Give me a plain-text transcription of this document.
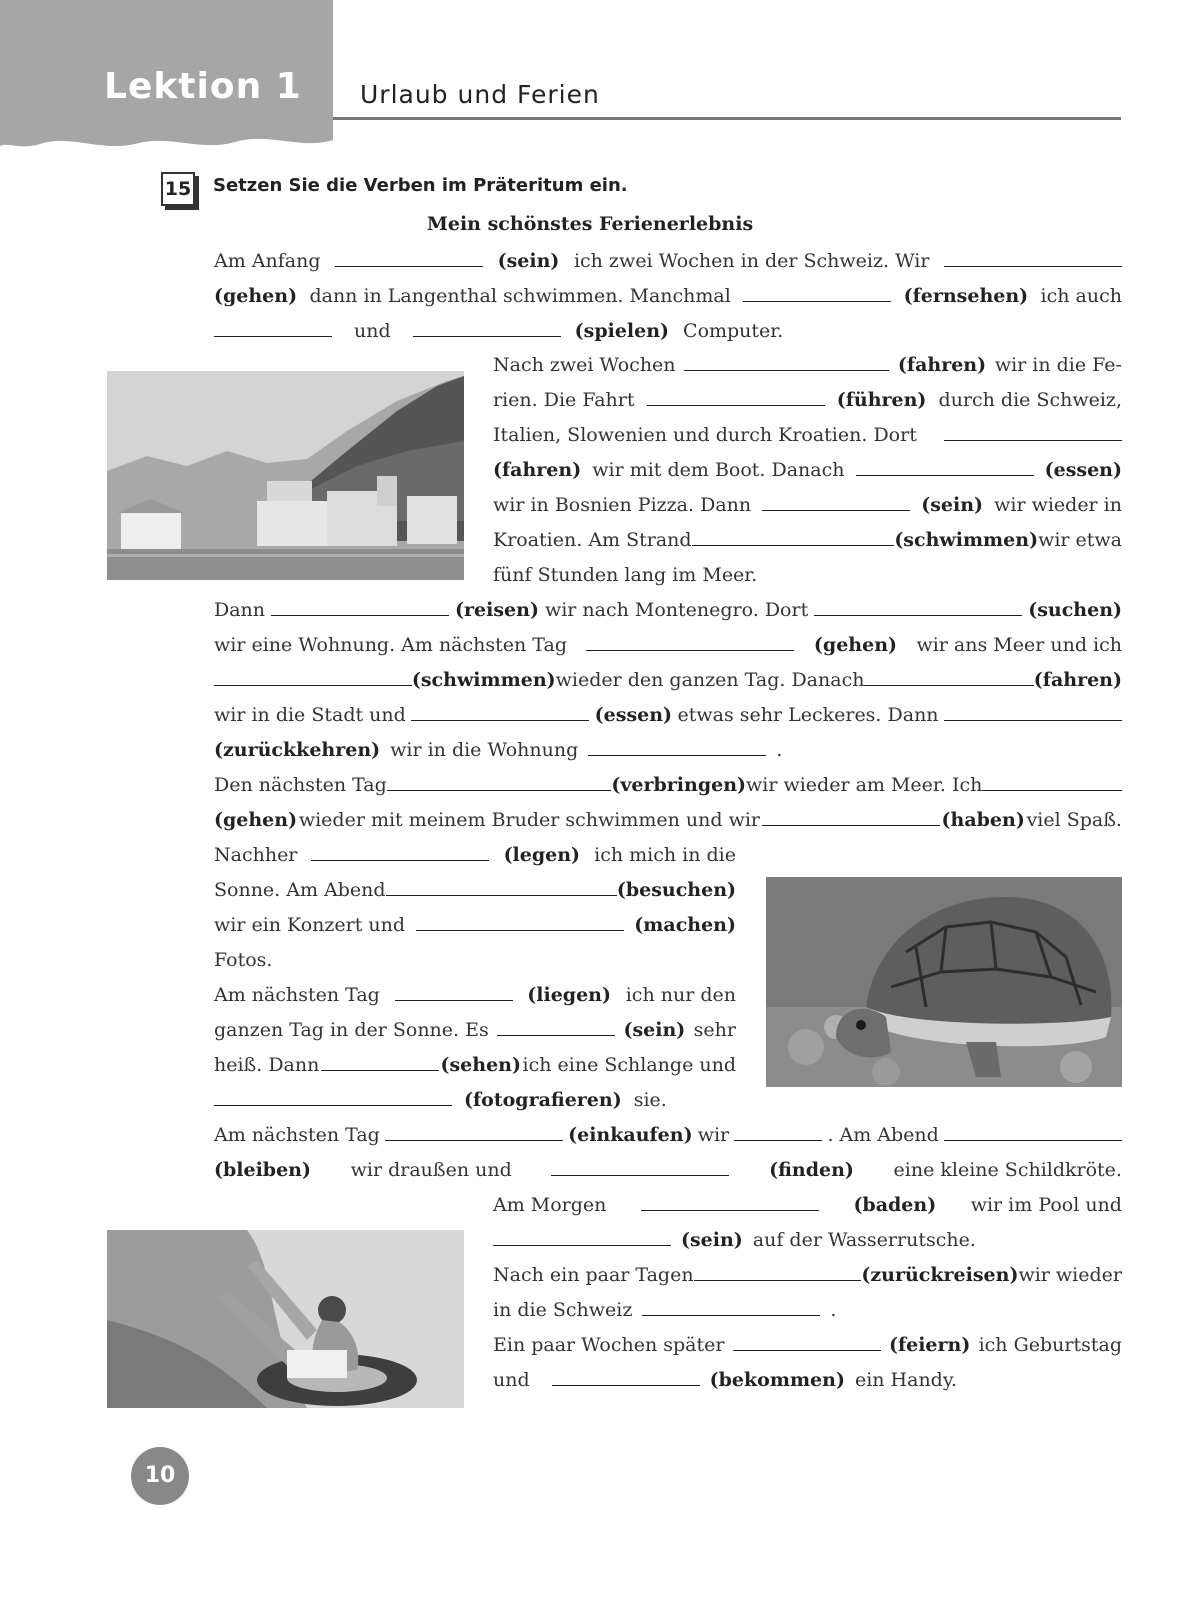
Lektion 1 Urlaub und Ferien
15 Setzen Sie die Verben im Präteritum ein.
Mein schönstes Ferienerlebnis
Am Anfang	(sein) ich zwei Wochen in der Schweiz. Wir
(gehen) dann in Langenthal schwimmen. Manchmal	(fernsehen) ich auch
und	(spielen) Computer.
Nach zwei Wochen	(fahren) wir in die Fe-
rien. Die Fahrt	(führen) durch die Schweiz,
Italien, Slowenien und durch Kroatien. Dort
(fahren) wir mit dem Boot. Danach	(essen)
wir in Bosnien Pizza. Dann	(sein) wir wieder in
Kroatien. Am Strand	(schwimmen) wir etwa
fünf Stunden lang im Meer.
Dann	(reisen) wir nach Montenegro. Dort	(suchen)
wir eine Wohnung. Am nächsten Tag	(gehen) wir ans Meer und ich
(schwimmen) wieder den ganzen Tag. Danach	(fahren)
wir in die Stadt und	(essen) etwas sehr Leckeres. Dann
(zurückkehren) wir in die Wohnung	.
Den nächsten Tag	(verbringen) wir wieder am Meer. Ich
(gehen) wieder mit meinem Bruder schwimmen und wir	(haben) viel Spaß.
Nachher	(legen) ich mich in die
Sonne. Am Abend	(besuchen)
wir ein Konzert und	(machen)
Fotos.
Am nächsten Tag	(liegen) ich nur den
ganzen Tag in der Sonne. Es	(sein) sehr
heiß. Dann	(sehen) ich eine Schlange und
(fotografieren) sie.
Am nächsten Tag	(einkaufen) wir	. Am Abend
(bleiben) wir draußen und	(finden) eine kleine Schildkröte.
Am Morgen	(baden) wir im Pool und
(sein) auf der Wasserrutsche.
Nach ein paar Tagen	(zurückreisen) wir wieder
in die Schweiz	.
Ein paar Wochen später	(feiern) ich Geburtstag
und	(bekommen) ein Handy.
10
